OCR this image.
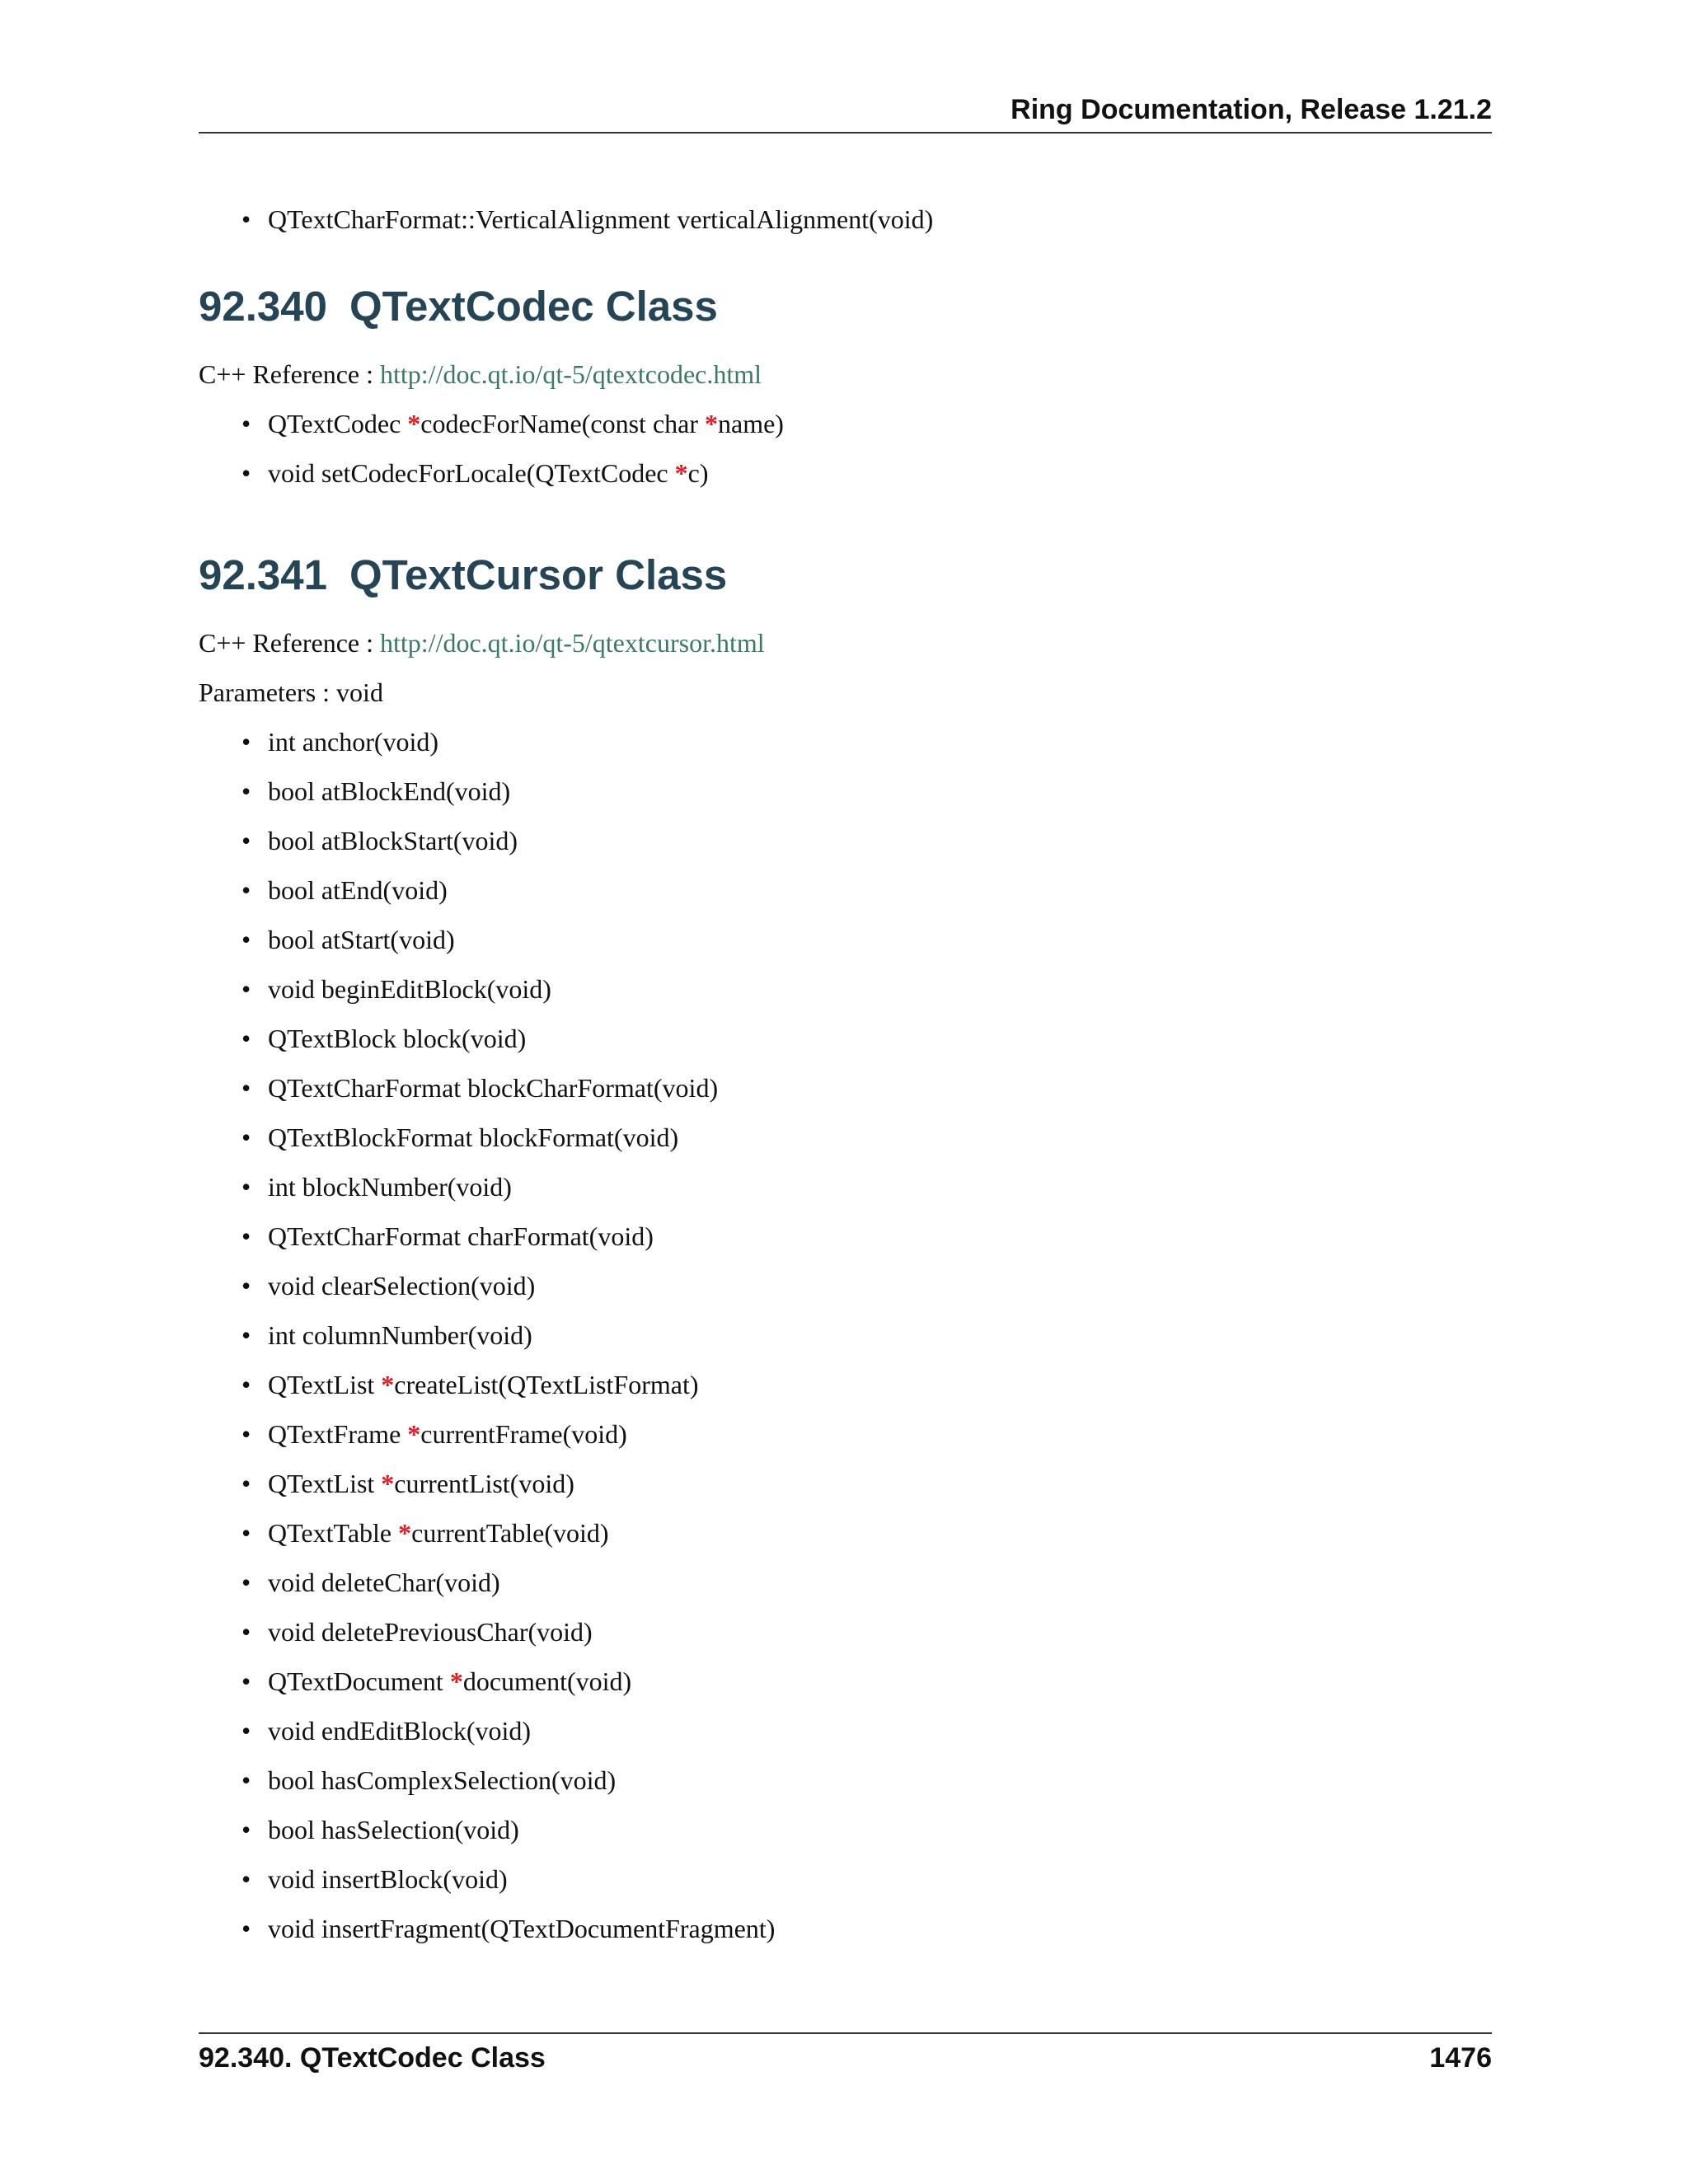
Ring Documentation, Release 1.21.2
• QTextCharFormat::VerticalAlignment verticalAlignment(void)
92.340 QTextCodec Class
C++ Reference : http://doc.qt.io/qt-5/qtextcodec.html
• QTextCodec *codecForName(const char *name)
• void setCodecForLocale(QTextCodec *c)
92.341 QTextCursor Class
C++ Reference : http://doc.qt.io/qt-5/qtextcursor.html
Parameters : void
• int anchor(void)
• bool atBlockEnd(void)
• bool atBlockStart(void)
• bool atEnd(void)
• bool atStart(void)
• void beginEditBlock(void)
• QTextBlock block(void)
• QTextCharFormat blockCharFormat(void)
• QTextBlockFormat blockFormat(void)
• int blockNumber(void)
• QTextCharFormat charFormat(void)
• void clearSelection(void)
• int columnNumber(void)
• QTextList *createList(QTextListFormat)
• QTextFrame *currentFrame(void)
• QTextList *currentList(void)
• QTextTable *currentTable(void)
• void deleteChar(void)
• void deletePreviousChar(void)
• QTextDocument *document(void)
• void endEditBlock(void)
• bool hasComplexSelection(void)
• bool hasSelection(void)
• void insertBlock(void)
• void insertFragment(QTextDocumentFragment)
92.340. QTextCodec Class	1476
